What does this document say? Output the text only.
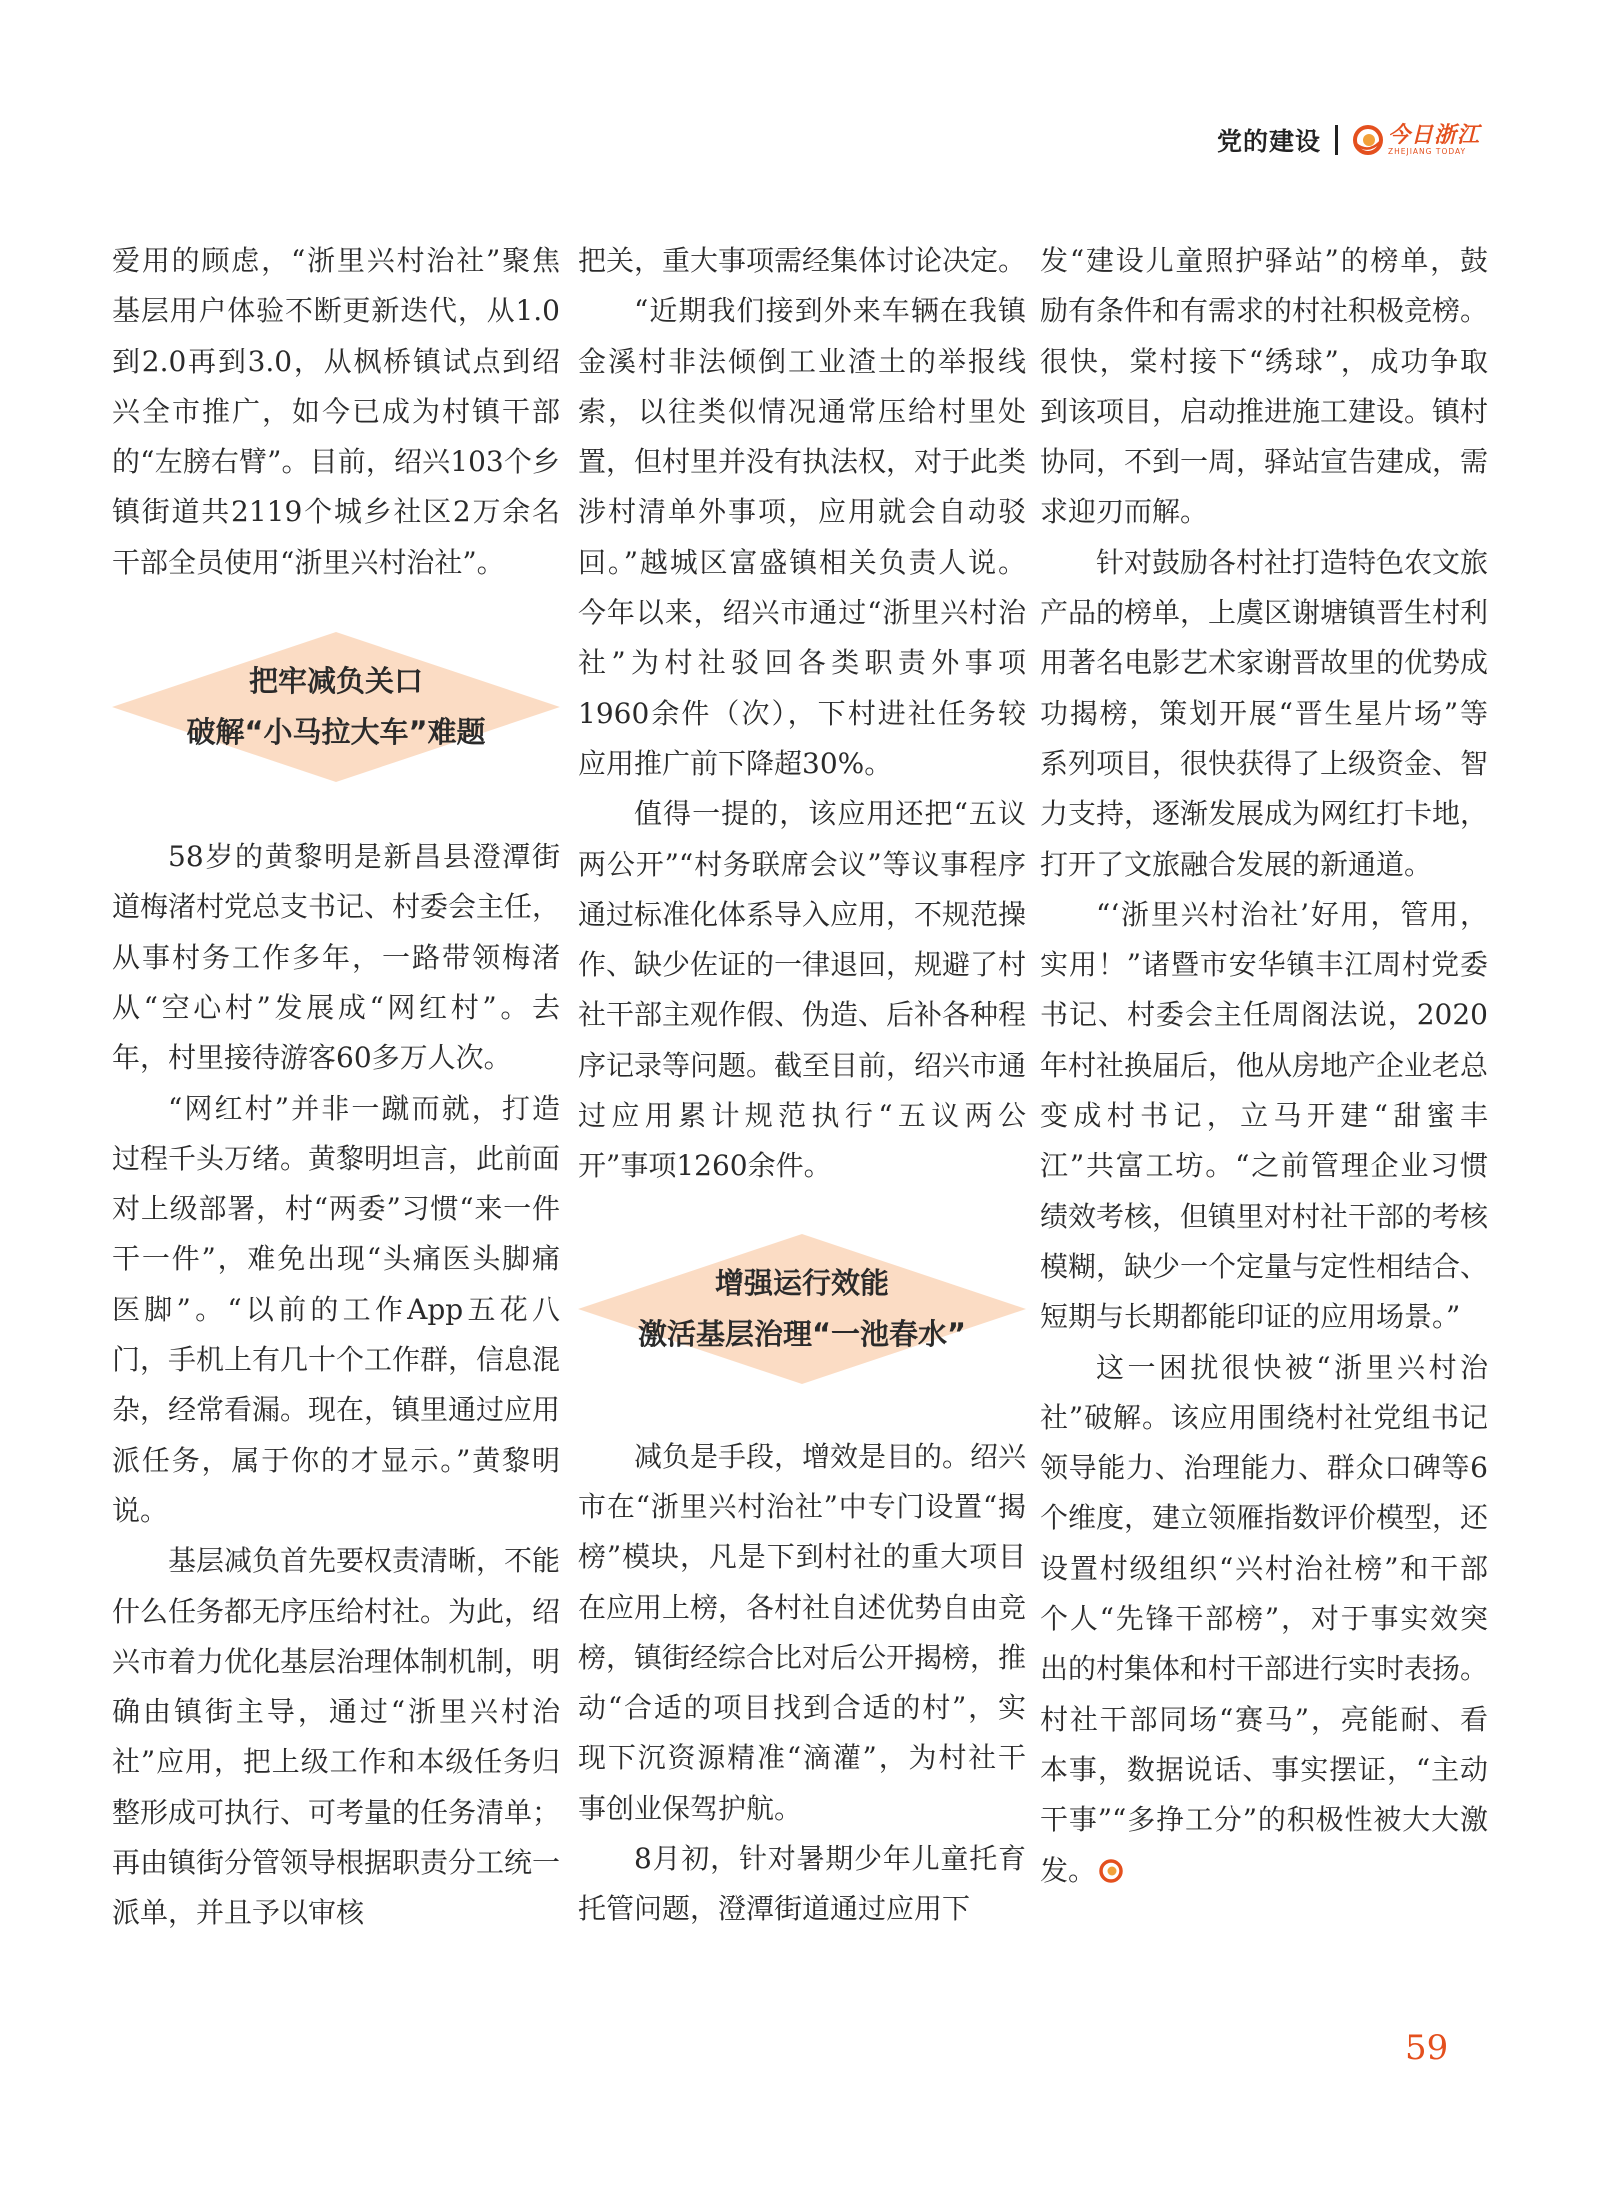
党的建设	今日浙江
ZHEJIANG TODAY

爱用的顾虑，“浙里兴村治社”聚焦基层用户体验不断更新迭代，从1.0到2.0再到3.0，从枫桥镇试点到绍兴全市推广，如今已成为村镇干部的“左膀右臂”。目前，绍兴103个乡镇街道共2119个城乡社区2万余名干部全员使用“浙里兴村治社”。

把牢减负关口
破解“小马拉大车”难题

58岁的黄黎明是新昌县澄潭街道梅渚村党总支书记、村委会主任，从事村务工作多年，一路带领梅渚从“空心村”发展成“网红村”。去年，村里接待游客60多万人次。

“网红村”并非一蹴而就，打造过程千头万绪。黄黎明坦言，此前面对上级部署，村“两委”习惯“来一件干一件”，难免出现“头痛医头脚痛医脚”。“以前的工作App五花八门，手机上有几十个工作群，信息混杂，经常看漏。现在，镇里通过应用派任务，属于你的才显示。”黄黎明说。

基层减负首先要权责清晰，不能什么任务都无序压给村社。为此，绍兴市着力优化基层治理体制机制，明确由镇街主导，通过“浙里兴村治社”应用，把上级工作和本级任务归整形成可执行、可考量的任务清单；再由镇街分管领导根据职责分工统一派单，并且予以审核

把关，重大事项需经集体讨论决定。

“近期我们接到外来车辆在我镇金溪村非法倾倒工业渣土的举报线索，以往类似情况通常压给村里处置，但村里并没有执法权，对于此类涉村清单外事项，应用就会自动驳回。”越城区富盛镇相关负责人说。今年以来，绍兴市通过“浙里兴村治社”为村社驳回各类职责外事项1960余件（次），下村进社任务较应用推广前下降超30%。

值得一提的，该应用还把“五议两公开”“村务联席会议”等议事程序通过标准化体系导入应用，不规范操作、缺少佐证的一律退回，规避了村社干部主观作假、伪造、后补各种程序记录等问题。截至目前，绍兴市通过应用累计规范执行“五议两公开”事项1260余件。

增强运行效能
激活基层治理“一池春水”

减负是手段，增效是目的。绍兴市在“浙里兴村治社”中专门设置“揭榜”模块，凡是下到村社的重大项目在应用上榜，各村社自述优势自由竞榜，镇街经综合比对后公开揭榜，推动“合适的项目找到合适的村”，实现下沉资源精准“滴灌”，为村社干事创业保驾护航。

8月初，针对暑期少年儿童托育托管问题，澄潭街道通过应用下

发“建设儿童照护驿站”的榜单，鼓励有条件和有需求的村社积极竞榜。很快，棠村接下“绣球”，成功争取到该项目，启动推进施工建设。镇村协同，不到一周，驿站宣告建成，需求迎刃而解。

针对鼓励各村社打造特色农文旅产品的榜单，上虞区谢塘镇晋生村利用著名电影艺术家谢晋故里的优势成功揭榜，策划开展“晋生星片场”等系列项目，很快获得了上级资金、智力支持，逐渐发展成为网红打卡地，打开了文旅融合发展的新通道。

“‘浙里兴村治社’好用，管用，实用！”诸暨市安华镇丰江周村党委书记、村委会主任周阁法说，2020年村社换届后，他从房地产企业老总变成村书记，立马开建“甜蜜丰江”共富工坊。“之前管理企业习惯绩效考核，但镇里对村社干部的考核模糊，缺少一个定量与定性相结合、短期与长期都能印证的应用场景。”

这一困扰很快被“浙里兴村治社”破解。该应用围绕村社党组书记领导能力、治理能力、群众口碑等6个维度，建立领雁指数评价模型，还设置村级组织“兴村治社榜”和干部个人“先锋干部榜”，对于事实效突出的村集体和村干部进行实时表扬。村社干部同场“赛马”，亮能耐、看本事，数据说话、事实摆证，“主动干事”“多挣工分”的积极性被大大激发。

59
